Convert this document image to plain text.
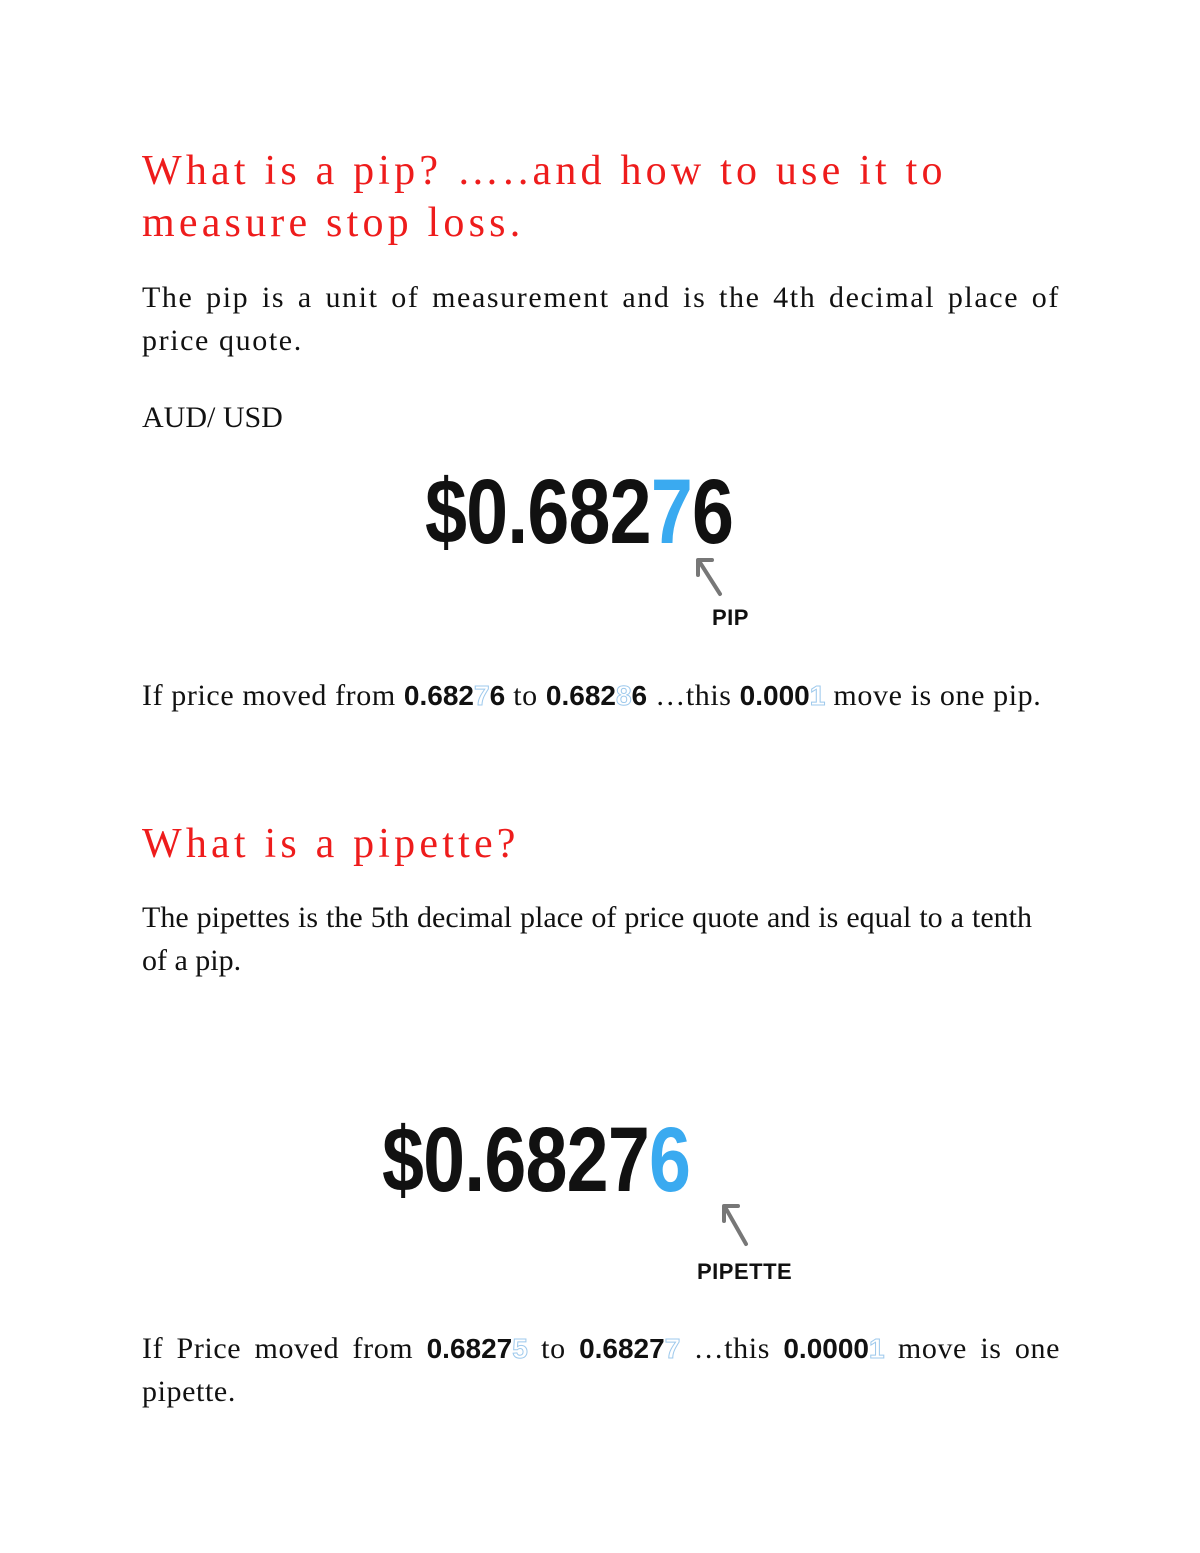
What is a pip? …..and how to use it to
measure stop loss.

The pip is a unit of measurement and is the 4th decimal place of price quote.

AUD/ USD

$0.68276
PIP

If price moved from 0.68276 to 0.68286 …this 0.0001 move is one pip.

What is a pipette?

The pipettes is the 5th decimal place of price quote and is equal to a tenth of a pip.

$0.68276
PIPETTE

If Price moved from 0.68275 to 0.68277 …this 0.00001 move is one pipette.
